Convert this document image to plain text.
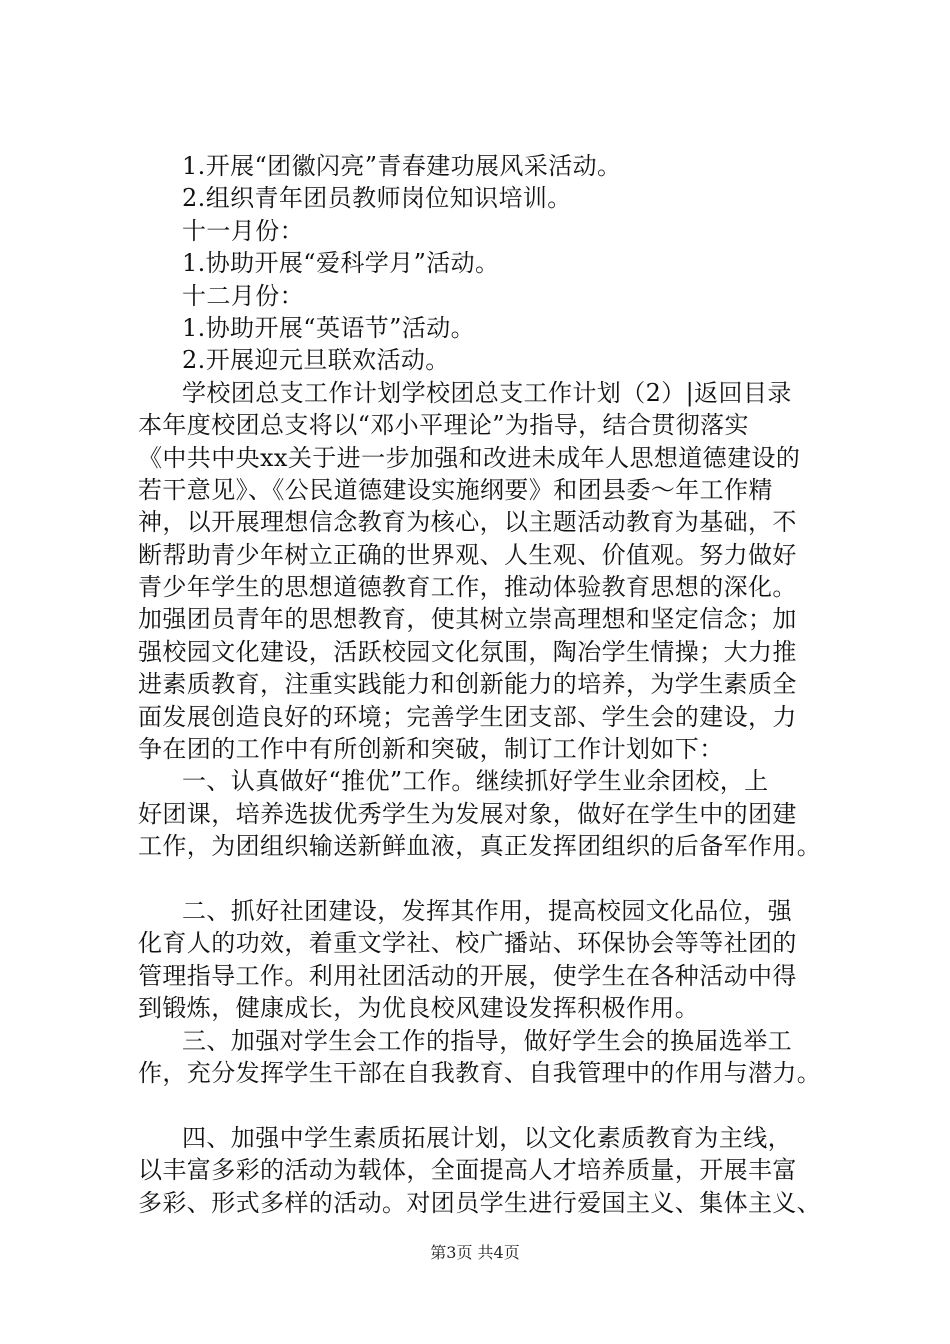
1.开展“团徽闪亮”青春建功展风采活动。
2.组织青年团员教师岗位知识培训。
十一月份：
1.协助开展“爱科学月”活动。
十二月份：
1.协助开展“英语节”活动。
2.开展迎元旦联欢活动。
学校团总支工作计划学校团总支工作计划（2）|返回目录
本年度校团总支将以“邓小平理论”为指导，结合贯彻落实
《中共中央xx关于进一步加强和改进未成年人思想道德建设的
若干意见》、《公民道德建设实施纲要》和团县委～年工作精
神，以开展理想信念教育为核心，以主题活动教育为基础，不
断帮助青少年树立正确的世界观、人生观、价值观。努力做好
青少年学生的思想道德教育工作，推动体验教育思想的深化。
加强团员青年的思想教育，使其树立崇高理想和坚定信念；加
强校园文化建设，活跃校园文化氛围，陶冶学生情操；大力推
进素质教育，注重实践能力和创新能力的培养，为学生素质全
面发展创造良好的环境；完善学生团支部、学生会的建设，力
争在团的工作中有所创新和突破，制订工作计划如下：
一、认真做好“推优”工作。继续抓好学生业余团校，上
好团课，培养选拔优秀学生为发展对象，做好在学生中的团建
工作，为团组织输送新鲜血液，真正发挥团组织的后备军作用。
二、抓好社团建设，发挥其作用，提高校园文化品位，强
化育人的功效，着重文学社、校广播站、环保协会等等社团的
管理指导工作。利用社团活动的开展，使学生在各种活动中得
到锻炼，健康成长，为优良校风建设发挥积极作用。
三、加强对学生会工作的指导，做好学生会的换届选举工
作，充分发挥学生干部在自我教育、自我管理中的作用与潜力。
四、加强中学生素质拓展计划，以文化素质教育为主线，
以丰富多彩的活动为载体，全面提高人才培养质量，开展丰富
多彩、形式多样的活动。对团员学生进行爱国主义、集体主义、
第3页 共4页
